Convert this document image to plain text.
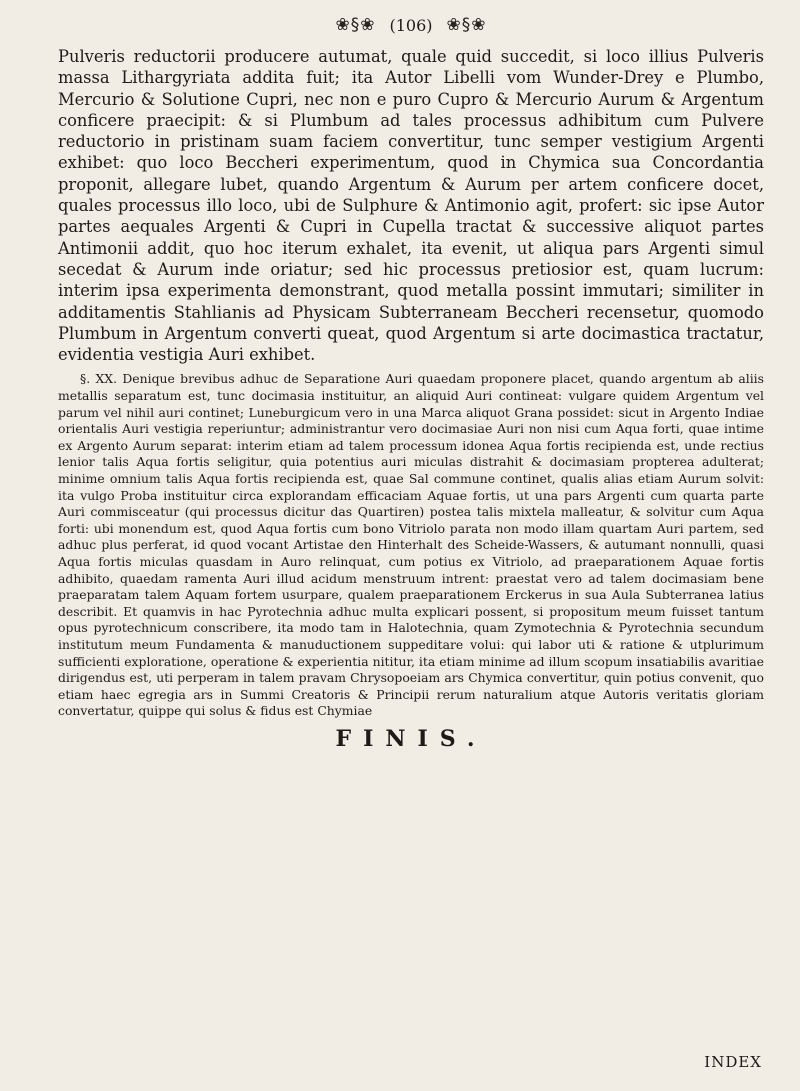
❀§❀ (106) ❀§❀

Pulveris reductorii producere autumat, quale quid succedit, si loco illius Pulveris massa Lithargyriata addita fuit; ita Autor Libelli vom Wunder-Drey e Plumbo, Mercurio & Solutione Cupri, nec non e puro Cupro & Mercurio Aurum & Argentum conficere praecipit: & si Plumbum ad tales processus adhibitum cum Pulvere reductorio in pristinam suam faciem convertitur, tunc semper vestigium Argenti exhibet: quo loco Beccheri experimentum, quod in Chymica sua Concordantia proponit, allegare lubet, quando Argentum & Aurum per artem conficere docet, quales processus illo loco, ubi de Sulphure & Antimonio agit, profert: sic ipse Autor partes aequales Argenti & Cupri in Cupella tractat & successive aliquot partes Antimonii addit, quo hoc iterum exhalet, ita evenit, ut aliqua pars Argenti simul secedat & Aurum inde oriatur; sed hic processus pretiosior est, quam lucrum: interim ipsa experimenta demonstrant, quod metalla possint immutari; similiter in additamentis Stahlianis ad Physicam Subterraneam Beccheri recensetur, quomodo Plumbum in Argentum converti queat, quod Argentum si arte docimastica tractatur, evidentia vestigia Auri exhibet.

§. XX. Denique brevibus adhuc de Separatione Auri quaedam proponere placet, quando argentum ab aliis metallis separatum est, tunc docimasia instituitur, an aliquid Auri contineat: vulgare quidem Argentum vel parum vel nihil auri continet; Luneburgicum vero in una Marca aliquot Grana possidet: sicut in Argento Indiae orientalis Auri vestigia reperiuntur; administrantur vero docimasiae Auri non nisi cum Aqua forti, quae intime ex Argento Aurum separat: interim etiam ad talem processum idonea Aqua fortis recipienda est, unde rectius lenior talis Aqua fortis seligitur, quia potentius auri miculas distrahit & docimasiam propterea adulterat; minime omnium talis Aqua fortis recipienda est, quae Sal commune continet, qualis alias etiam Aurum solvit: ita vulgo Proba instituitur circa explorandam efficaciam Aquae fortis, ut una pars Argenti cum quarta parte Auri commisceatur (qui processus dicitur das Quartiren) postea talis mixtela malleatur, & solvitur cum Aqua forti: ubi monendum est, quod Aqua fortis cum bono Vitriolo parata non modo illam quartam Auri partem, sed adhuc plus perferat, id quod vocant Artistae den Hinterhalt des Scheide-Wassers, & autumant nonnulli, quasi Aqua fortis miculas quasdam in Auro relinquat, cum potius ex Vitriolo, ad praeparationem Aquae fortis adhibito, quaedam ramenta Auri illud acidum menstruum intrent: praestat vero ad talem docimasiam bene praeparatam talem Aquam fortem usurpare, qualem praeparationem Erckerus in sua Aula Subterranea latius describit. Et quamvis in hac Pyrotechnia adhuc multa explicari possent, si propositum meum fuisset tantum opus pyrotechnicum conscribere, ita modo tam in Halotechnia, quam Zymotechnia & Pyrotechnia secundum institutum meum Fundamenta & manuductionem suppeditare volui: qui labor uti & ratione & utplurimum sufficienti exploratione, operatione & experientia nititur, ita etiam minime ad illum scopum insatiabilis avaritiae dirigendus est, uti perperam in talem pravam Chrysopoeiam ars Chymica convertitur, quin potius convenit, quo etiam haec egregia ars in Summi Creatoris & Principii rerum naturalium atque Autoris veritatis gloriam convertatur, quippe qui solus & fidus est Chymiae

FINIS.
INDEX
